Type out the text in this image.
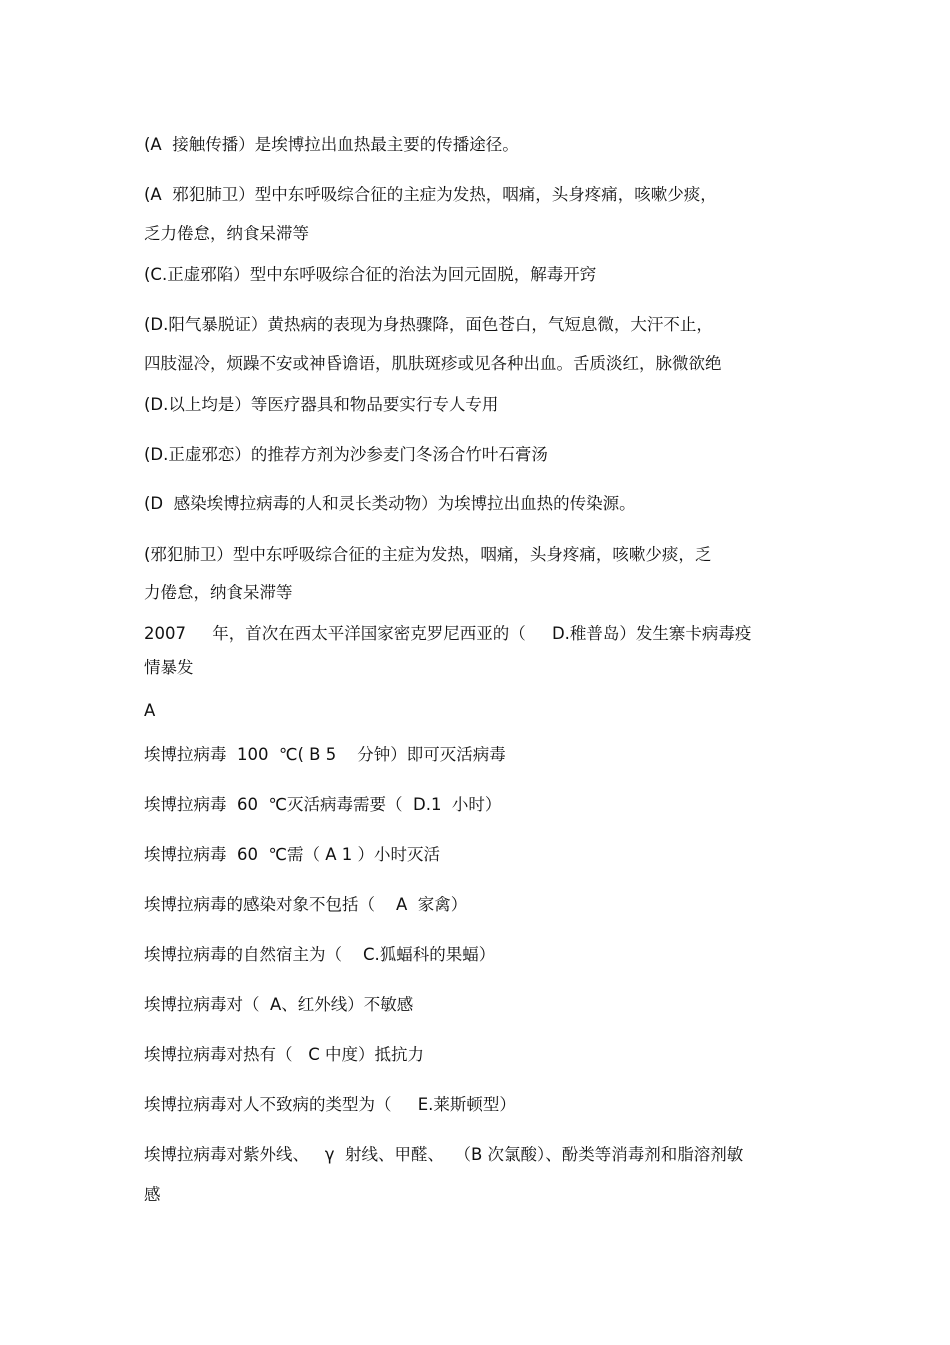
(A  接触传播）是埃博拉出血热最主要的传播途径。
(A  邪犯肺卫）型中东呼吸综合征的主症为发热，咽痛，头身疼痛，咳嗽少痰，
乏力倦怠，纳食呆滞等
(C.正虚邪陷）型中东呼吸综合征的治法为回元固脱，解毒开窍
(D.阳气暴脱证）黄热病的表现为身热骤降，面色苍白，气短息微，大汗不止，
四肢湿冷，烦躁不安或神昏谵语，肌肤斑疹或见各种出血。舌质淡红，脉微欲绝
(D.以上均是）等医疗器具和物品要实行专人专用
(D.正虚邪恋）的推荐方剂为沙参麦门冬汤合竹叶石膏汤
(D  感染埃博拉病毒的人和灵长类动物）为埃博拉出血热的传染源。
(邪犯肺卫）型中东呼吸综合征的主症为发热，咽痛，头身疼痛，咳嗽少痰，乏
力倦怠，纳食呆滞等
2007     年，首次在西太平洋国家密克罗尼西亚的（     D.稚普岛）发生寨卡病毒疫
情暴发
A
埃博拉病毒  100  ℃( B 5    分钟）即可灭活病毒
埃博拉病毒  60  ℃灭活病毒需要（  D.1  小时）
埃博拉病毒  60  ℃需（ A 1 ）小时灭活
埃博拉病毒的感染对象不包括（    A  家禽）
埃博拉病毒的自然宿主为（    C.狐蝠科的果蝠）
埃博拉病毒对（  A、红外线）不敏感
埃博拉病毒对热有（   C 中度）抵抗力
埃博拉病毒对人不致病的类型为（     E.莱斯顿型）
埃博拉病毒对紫外线、   γ  射线、甲醛、  （B 次氯酸）、酚类等消毒剂和脂溶剂敏
感
